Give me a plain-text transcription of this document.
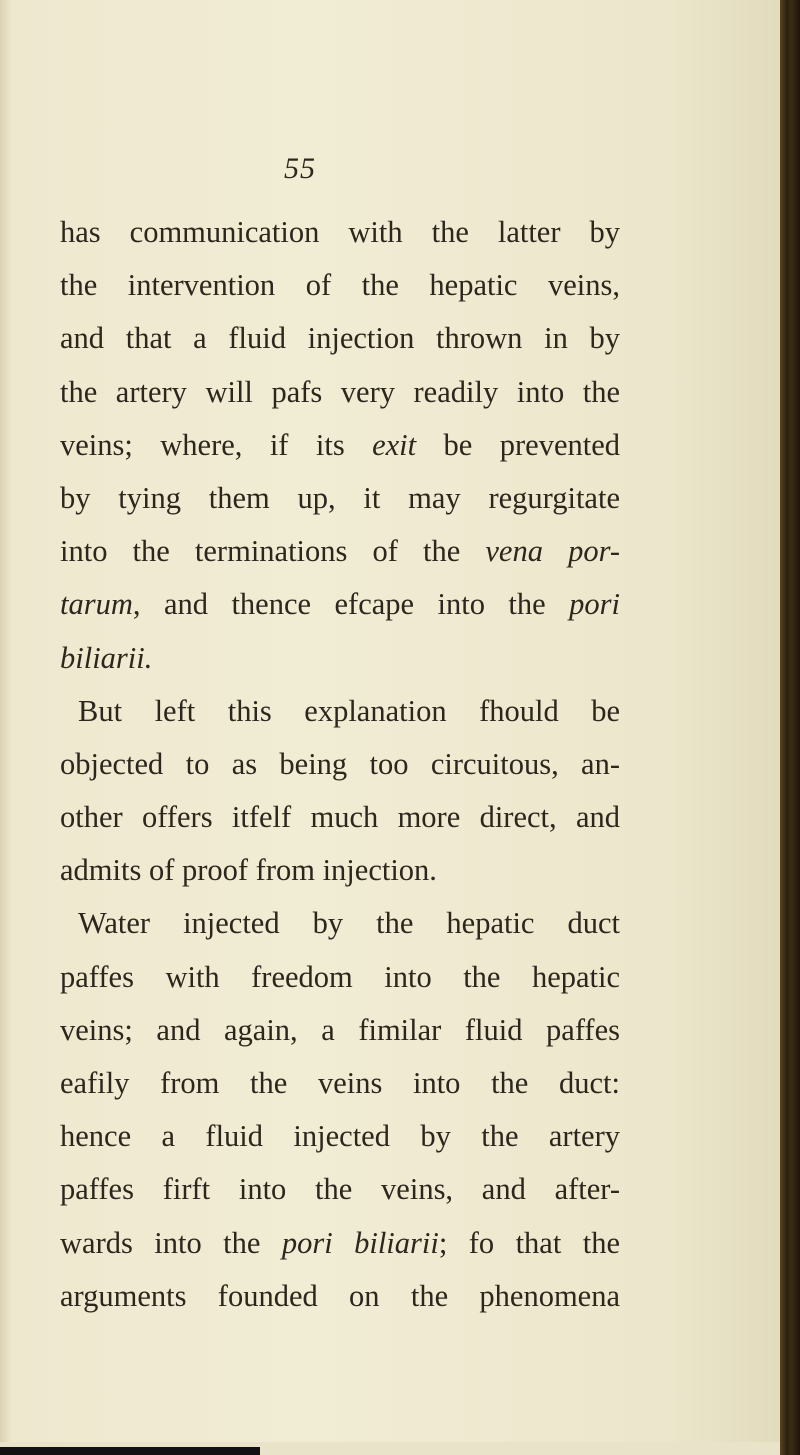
55
has communication with the latter by
the intervention of the hepatic veins,
and that a fluid injection thrown in by
the artery will pafs very readily into the
veins; where, if its exit be prevented
by tying them up, it may regurgitate
into the terminations of the vena por-
tarum, and thence efcape into the pori
biliarii.
But left this explanation fhould be
objected to as being too circuitous, an-
other offers itfelf much more direct, and
admits of proof from injection.
Water injected by the hepatic duct
paffes with freedom into the hepatic
veins; and again, a fimilar fluid paffes
eafily from the veins into the duct:
hence a fluid injected by the artery
paffes firft into the veins, and after-
wards into the pori biliarii; fo that the
arguments founded on the phenomena
